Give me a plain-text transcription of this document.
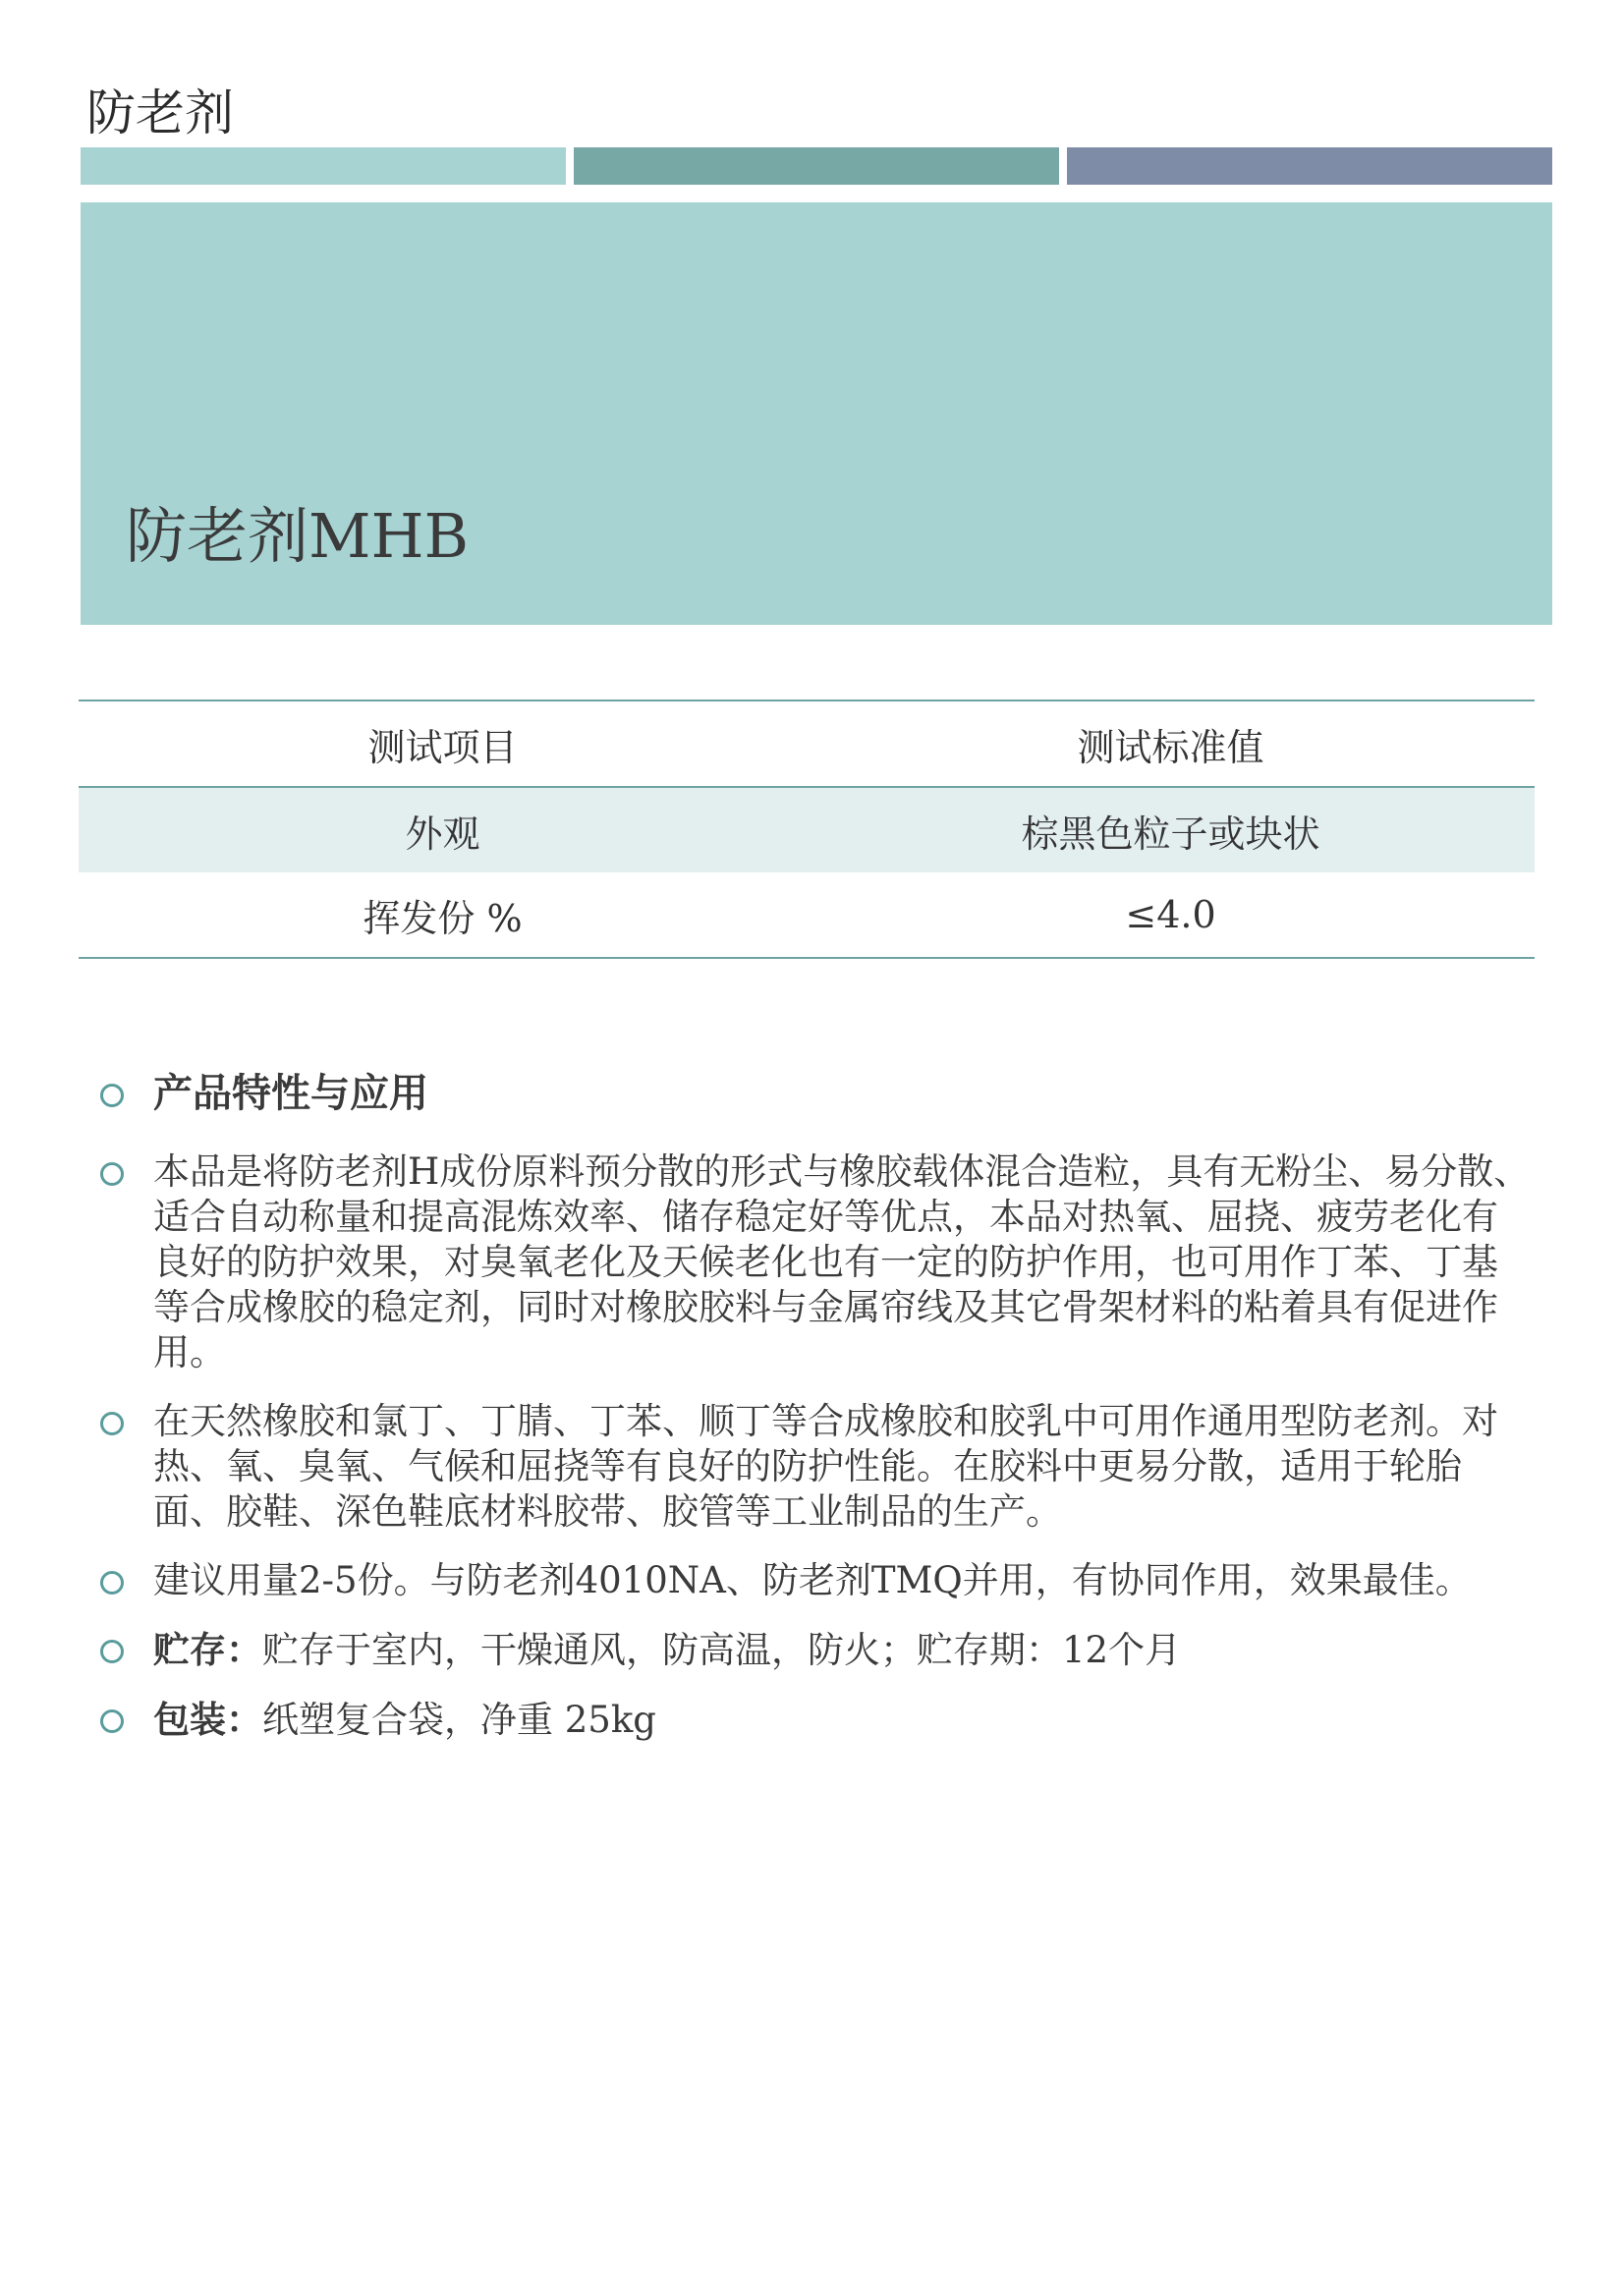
防老剂
防老剂MHB
测试项目	测试标准值
外观	棕黑色粒子或块状
挥发份 %	≤4.0
产品特性与应用
本品是将防老剂H成份原料预分散的形式与橡胶载体混合造粒，具有无粉尘、易分散、适合自动称量和提高混炼效率、储存稳定好等优点，本品对热氧、屈挠、疲劳老化有良好的防护效果，对臭氧老化及天候老化也有一定的防护作用，也可用作丁苯、丁基等合成橡胶的稳定剂，同时对橡胶胶料与金属帘线及其它骨架材料的粘着具有促进作用。
在天然橡胶和氯丁、丁腈、丁苯、顺丁等合成橡胶和胶乳中可用作通用型防老剂。对热、氧、臭氧、气候和屈挠等有良好的防护性能。在胶料中更易分散，适用于轮胎面、胶鞋、深色鞋底材料胶带、胶管等工业制品的生产。
建议用量2-5份。与防老剂4010NA、防老剂TMQ并用，有协同作用，效果最佳。
贮存：贮存于室内，干燥通风，防高温，防火；贮存期：12个月
包装：纸塑复合袋，净重 25kg
